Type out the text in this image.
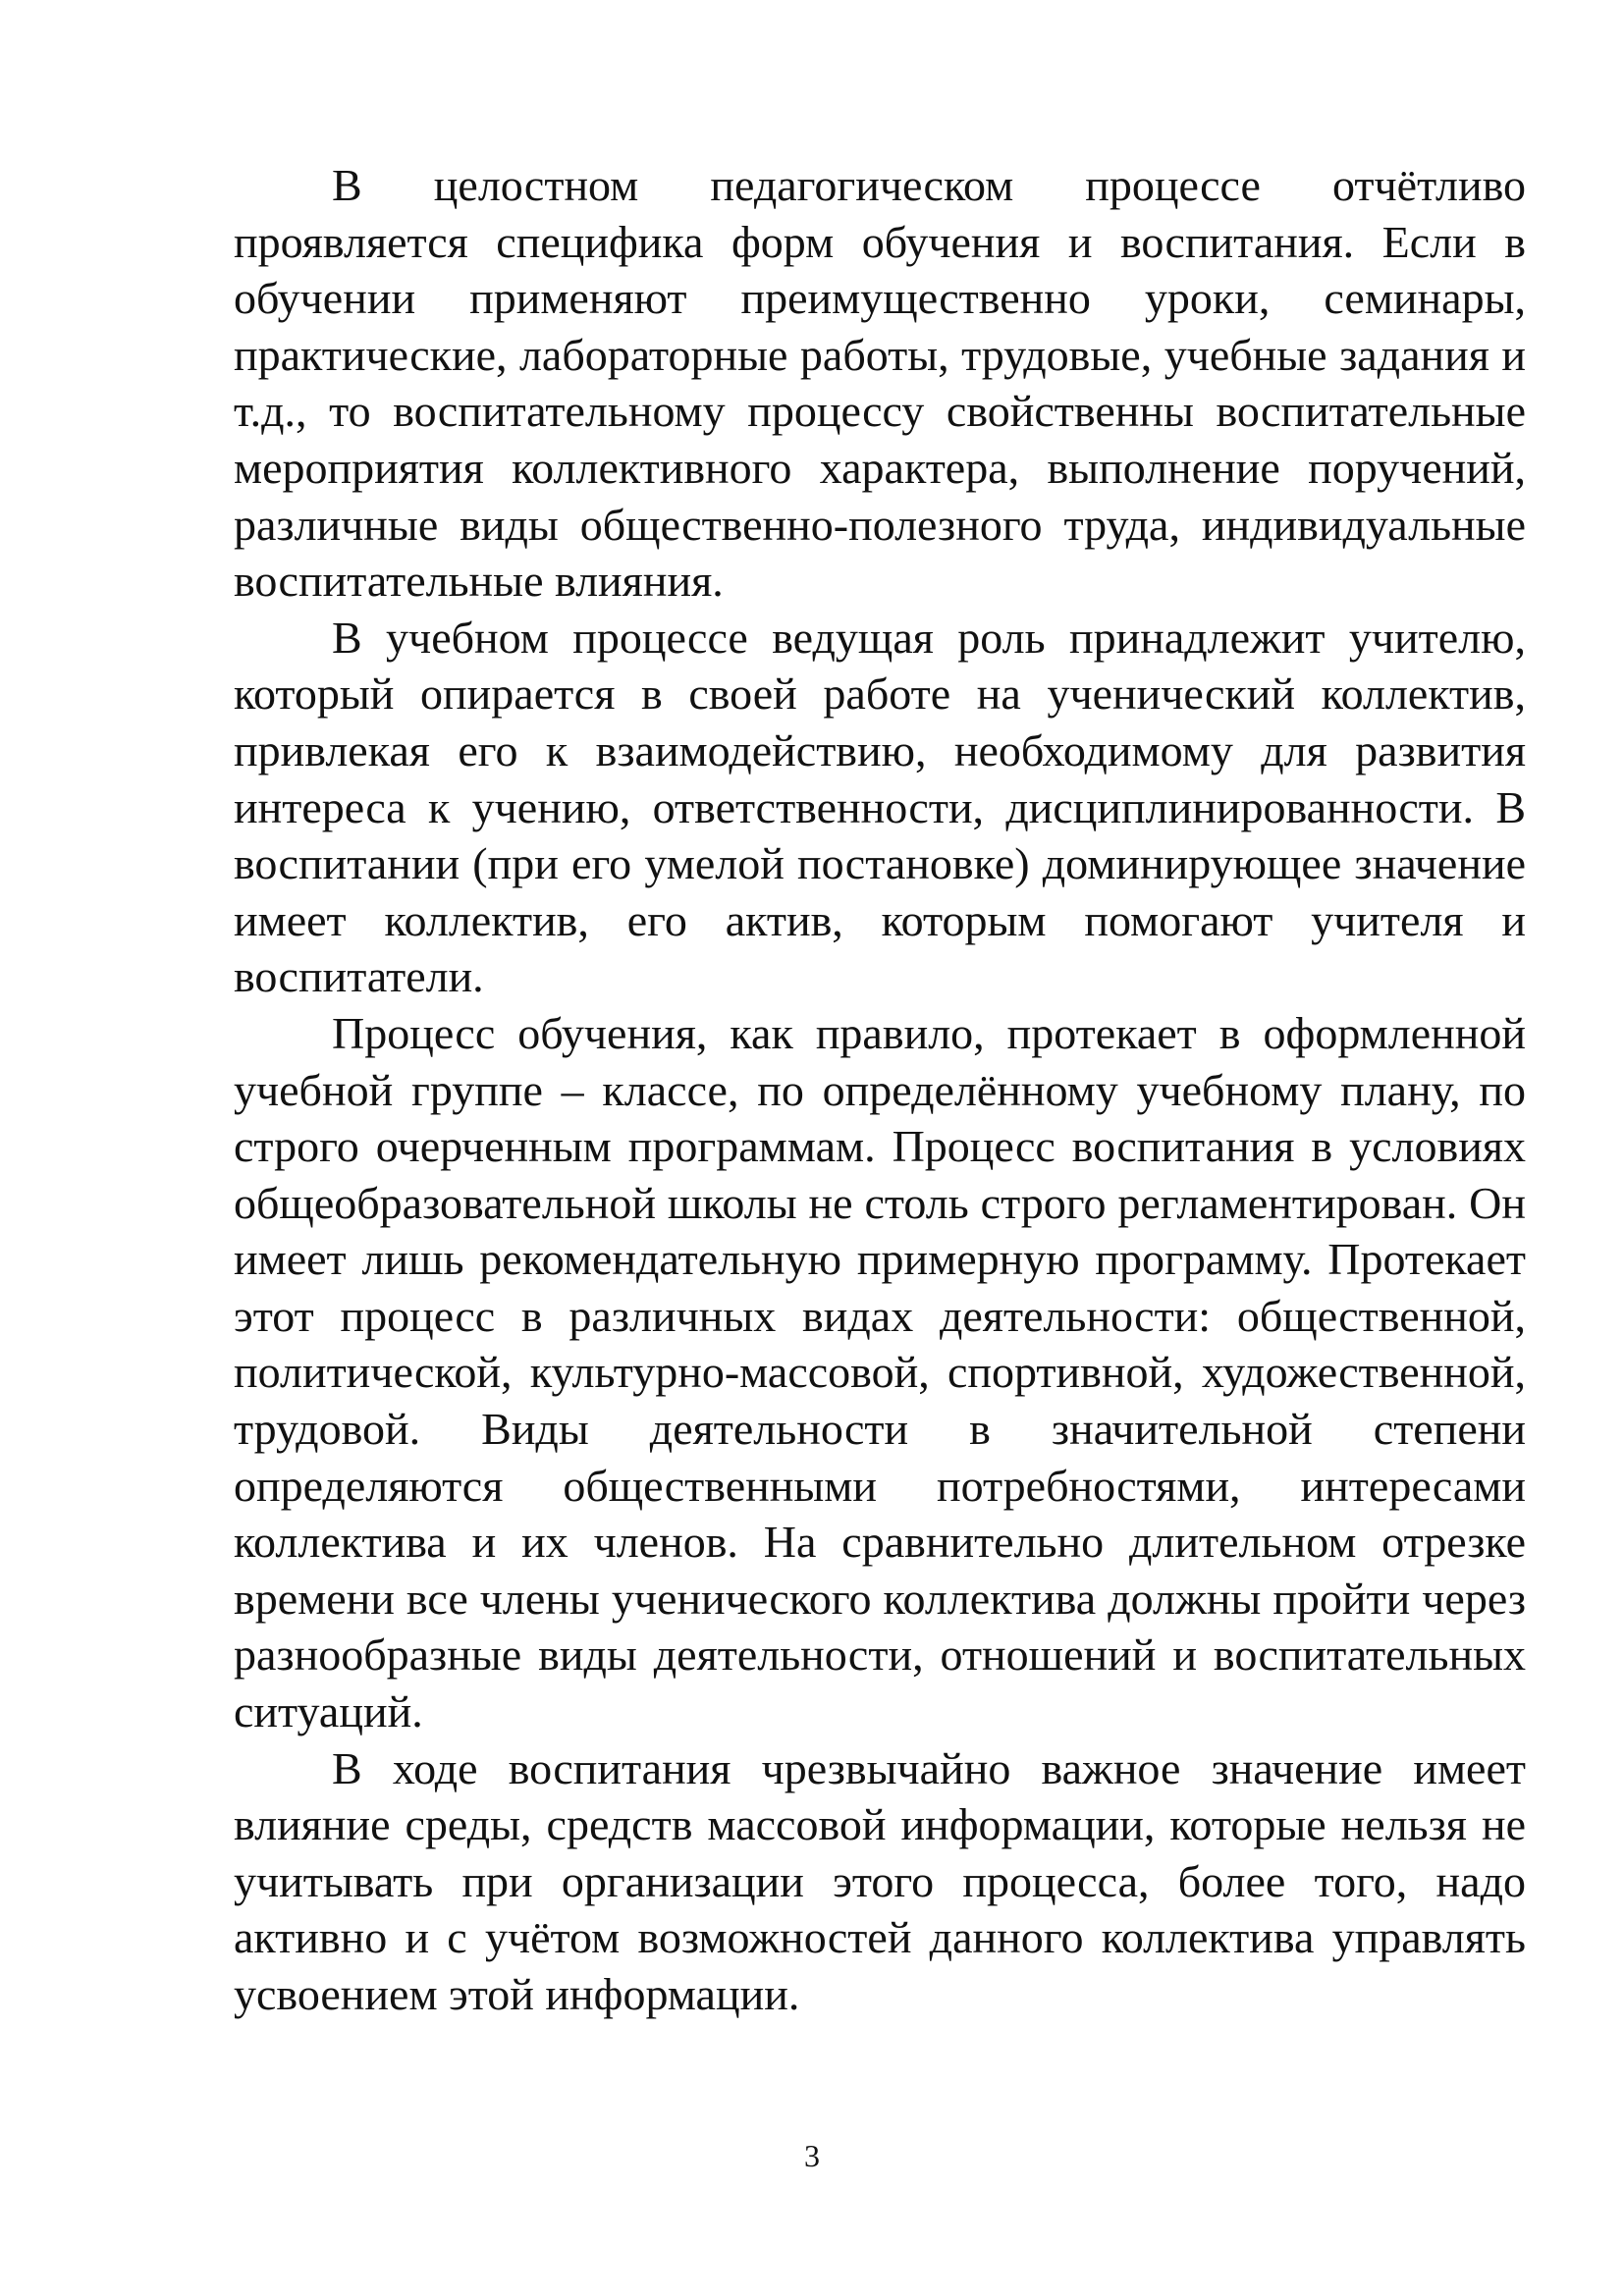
В целостном педагогическом процессе отчётливо проявляется специфика форм обучения и воспитания. Если в обучении применяют преимущественно уроки, семинары, практические, лабораторные работы, трудовые, учебные задания и т.д., то воспитательному процессу свойственны воспитательные мероприятия коллективного характера, выполнение поручений, различные виды общественно-полезного труда, индивидуальные воспитательные влияния.

В учебном процессе ведущая роль принадлежит учителю, который опирается в своей работе на ученический коллектив, привлекая его к взаимодействию, необходимому для развития интереса к учению, ответственности, дисциплинированности. В воспитании (при его умелой постановке) доминирующее значение имеет коллектив, его актив, которым помогают учителя и воспитатели.

Процесс обучения, как правило, протекает в оформленной учебной группе – классе, по определённому учебному плану, по строго очерченным программам. Процесс воспитания в условиях общеобразовательной школы не столь строго регламентирован. Он имеет лишь рекомендательную примерную программу. Протекает этот процесс в различных видах деятельности: общественной, политической, культурно-массовой, спортивной, художественной, трудовой. Виды деятельности в значительной степени определяются общественными потребностями, интересами коллектива и их членов. На сравнительно длительном отрезке времени все члены ученического коллектива должны пройти через разнообразные виды деятельности, отношений и воспитательных ситуаций.

В ходе воспитания чрезвычайно важное значение имеет влияние среды, средств массовой информации, которые нельзя не учитывать при организации этого процесса, более того, надо активно и с учётом возможностей данного коллектива управлять усвоением этой информации.

3
